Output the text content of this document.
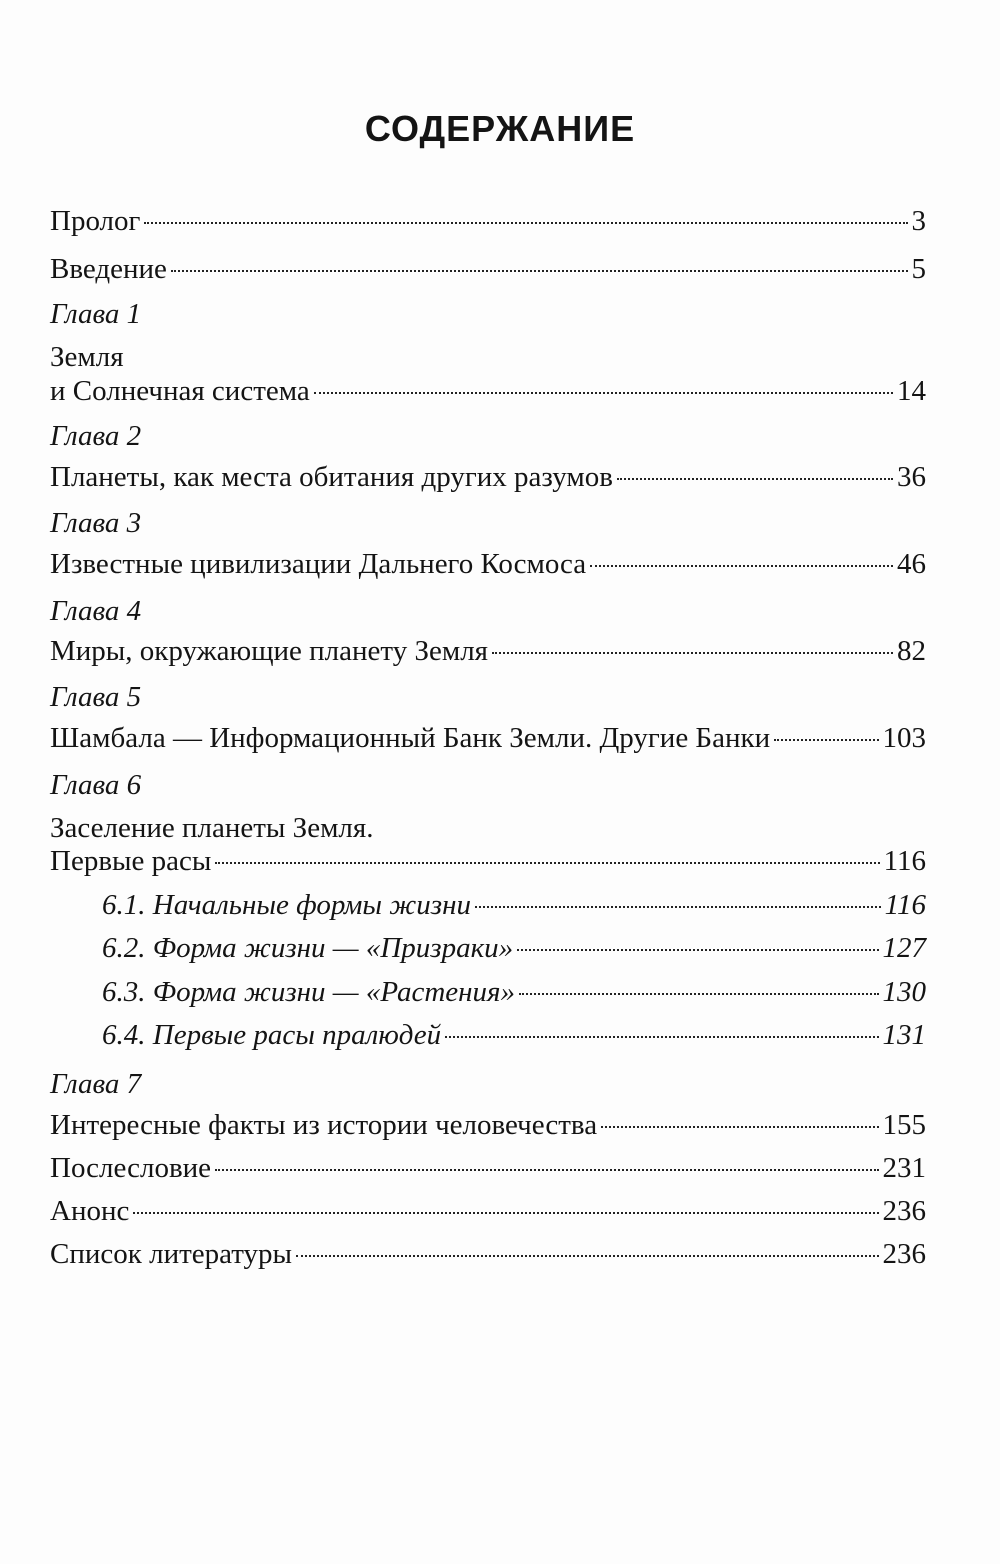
СОДЕРЖАНИЕ
Пролог	3
Введение	5
Глава 1
Земля
и Солнечная система	14
Глава 2
Планеты, как места обитания других разумов	36
Глава 3
Известные цивилизации Дальнего Космоса	46
Глава 4
Миры, окружающие планету Земля	82
Глава 5
Шамбала — Информационный Банк Земли. Другие Банки	103
Глава 6
Заселение планеты Земля.
Первые расы	116
6.1. Начальные формы жизни	116
6.2. Форма жизни — «Призраки»	127
6.3. Форма жизни — «Растения»	130
6.4. Первые расы пралюдей	131
Глава 7
Интересные факты из истории человечества	155
Послесловие	231
Анонс	236
Список литературы	236
